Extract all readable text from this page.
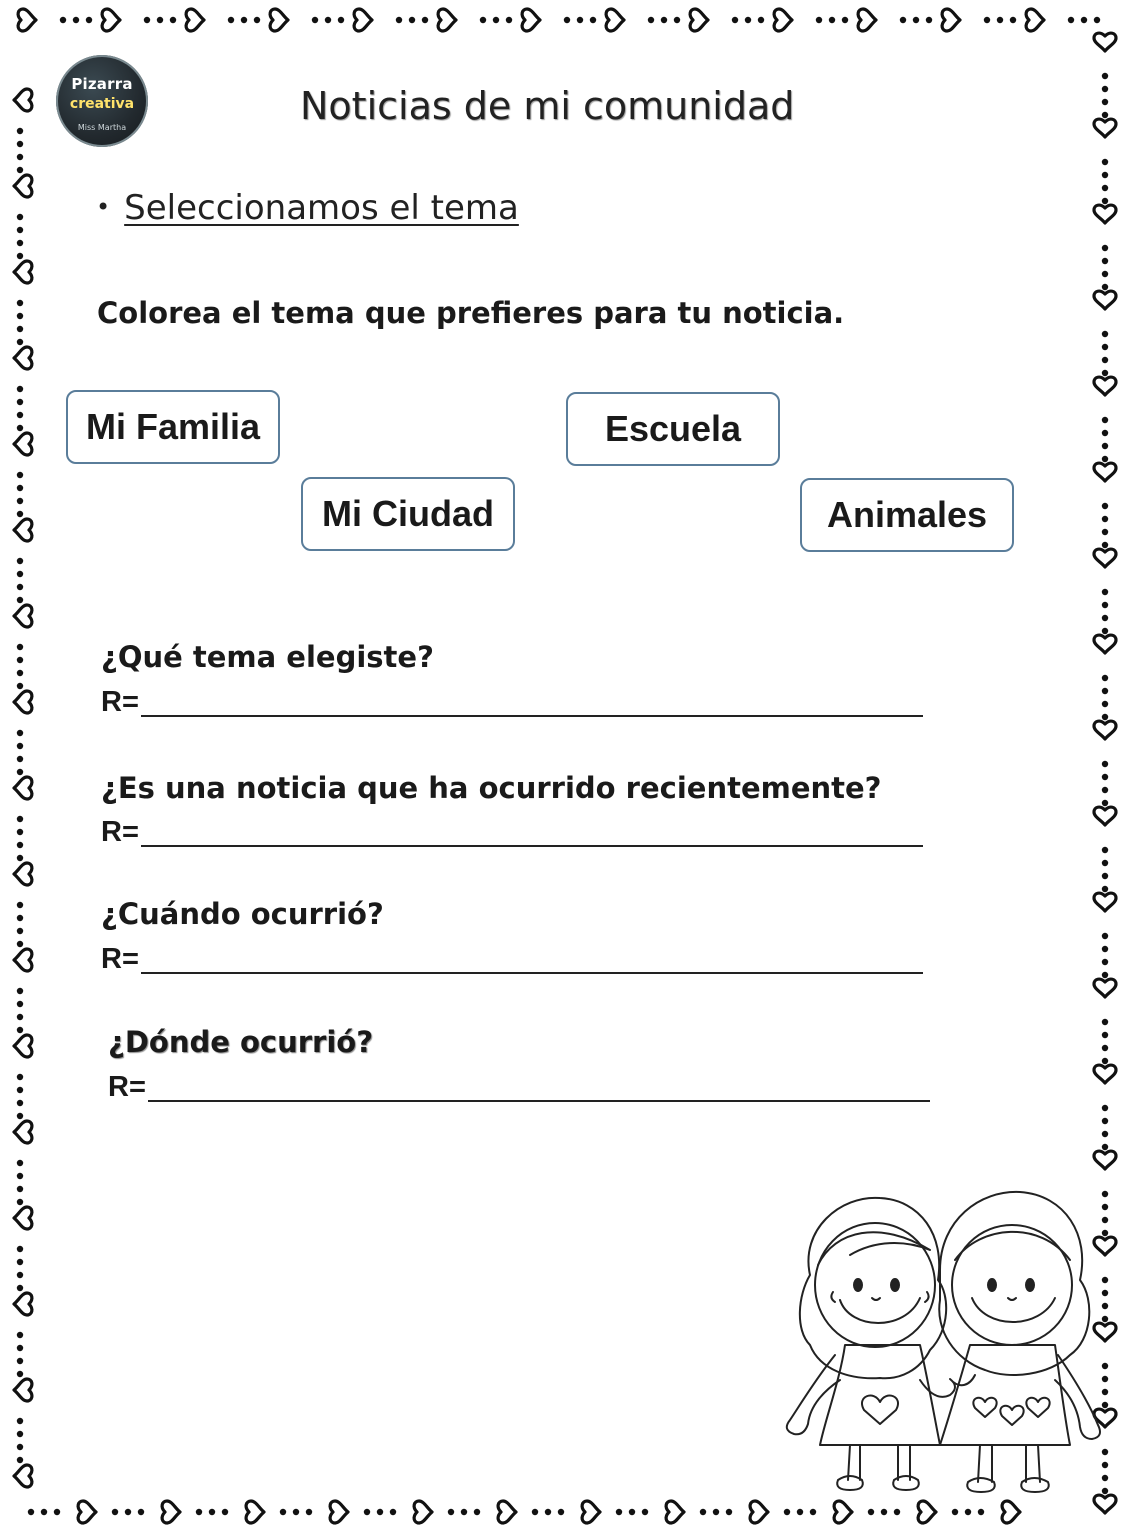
Pizarra
creativa
Miss Martha	Noticias de mi comunidad
• Seleccionamos el tema
Colorea el tema que prefieres para tu noticia.
Mi Familia	Escuela
Mi Ciudad	Animales
¿Qué tema elegiste?
R=
¿Es una noticia que ha ocurrido recientemente?
R=
¿Cuándo ocurrió?
R=
¿Dónde ocurrió?
R=
